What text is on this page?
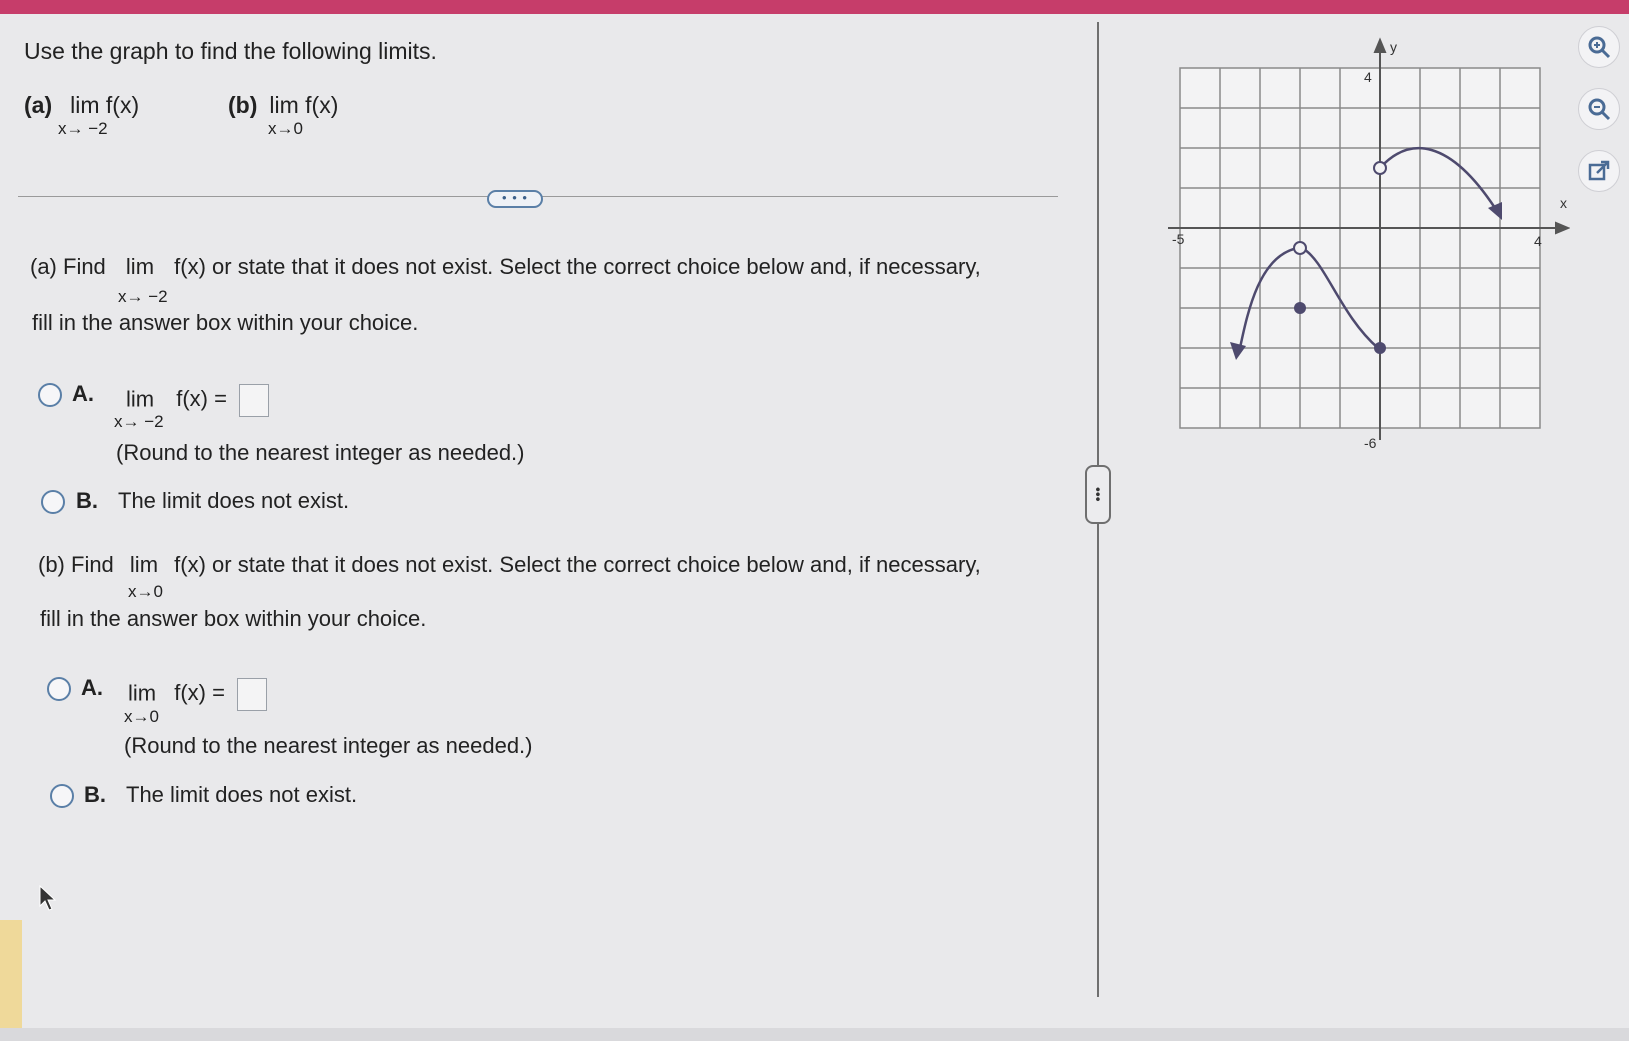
Use the graph to find the following limits.
(a) lim f(x)
x→ −2
(b) lim f(x)
x→0
• • •
(a) Find lim f(x) or state that it does not exist. Select the correct choice below and, if necessary,
x→ −2
fill in the answer box within your choice.
A. lim f(x) =
x→ −2
(Round to the nearest integer as needed.)
B. The limit does not exist.
(b) Find lim f(x) or state that it does not exist. Select the correct choice below and, if necessary,
x→0
fill in the answer box within your choice.
A. lim f(x) =
x→0
(Round to the nearest integer as needed.)
B. The limit does not exist.
•••
x
y
-5	4
4
-6
